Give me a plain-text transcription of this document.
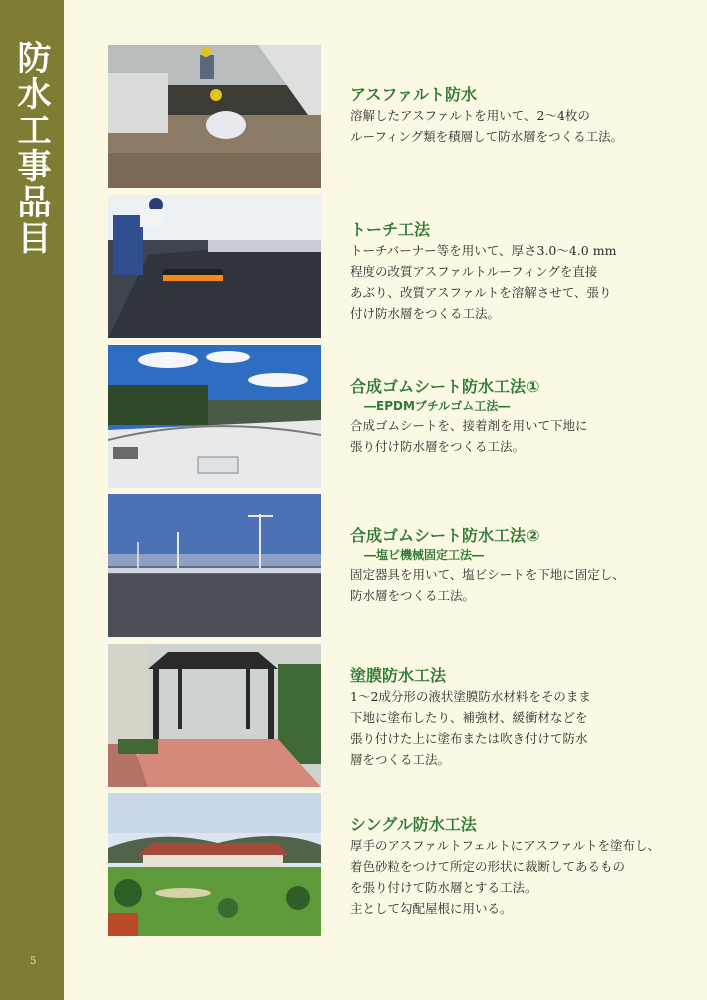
防水工事品目
5
アスファルト防水
溶解したアスファルトを用いて、2～4枚の
ルーフィング類を積層して防水層をつくる工法。
トーチ工法
トーチバーナー等を用いて、厚さ3.0～4.0 mm
程度の改質アスファルトルーフィングを直接
あぶり、改質アスファルトを溶解させて、張り
付け防水層をつくる工法。
合成ゴムシート防水工法①
―EPDMブチルゴム工法―
合成ゴムシートを、接着剤を用いて下地に
張り付け防水層をつくる工法。
合成ゴムシート防水工法②
―塩ビ機械固定工法―
固定器具を用いて、塩ビシートを下地に固定し、
防水層をつくる工法。
塗膜防水工法
1～2成分形の液状塗膜防水材料をそのまま
下地に塗布したり、補強材、緩衝材などを
張り付けた上に塗布または吹き付けて防水
層をつくる工法。
シングル防水工法
厚手のアスファルトフェルトにアスファルトを塗布し、
着色砂粒をつけて所定の形状に裁断してあるもの
を張り付けて防水層とする工法。
主として勾配屋根に用いる。
